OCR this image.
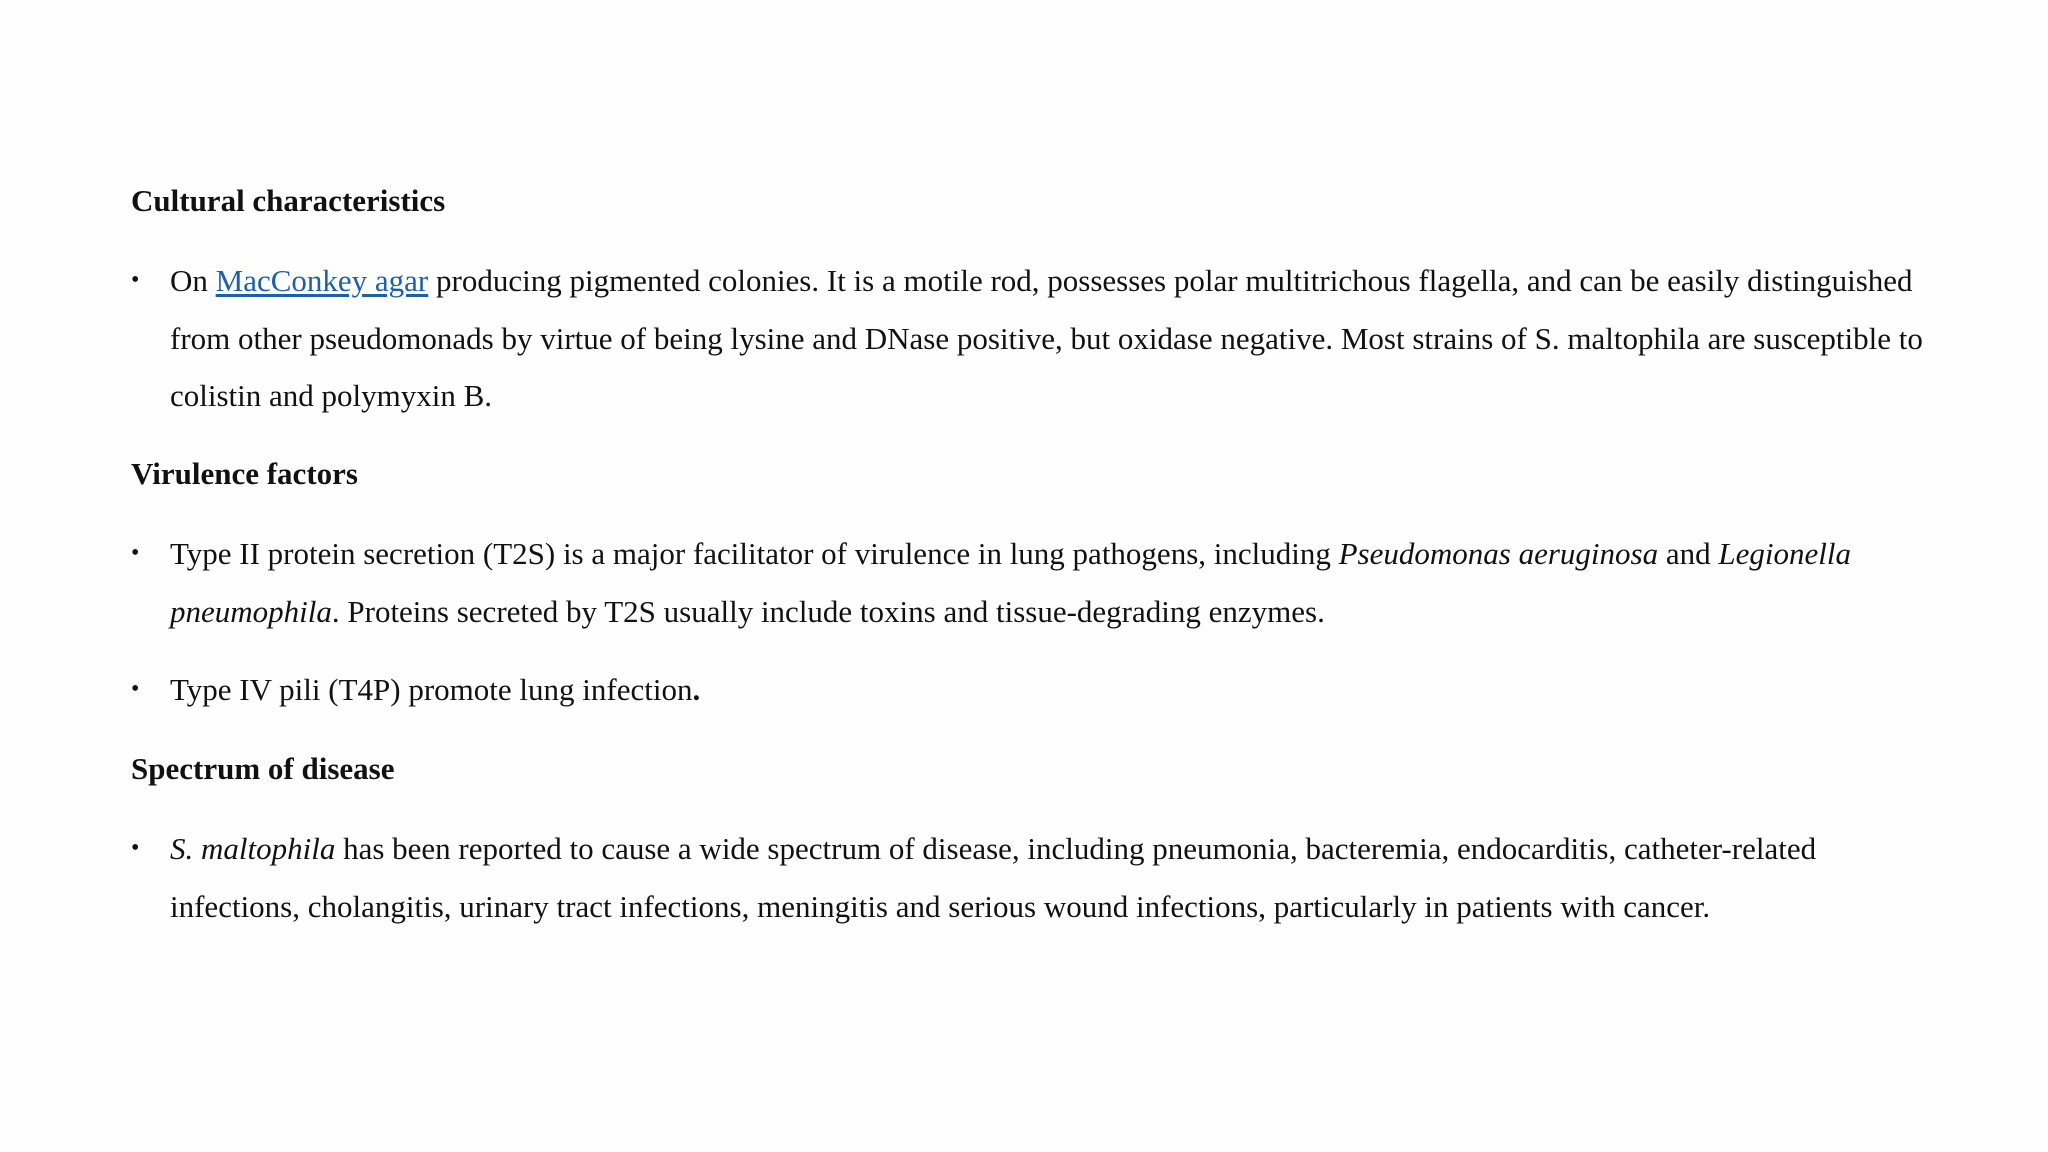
Cultural characteristics
• On MacConkey agar producing pigmented colonies. It is a motile rod, possesses polar multitrichous flagella, and can be easily distinguished from other pseudomonads by virtue of being lysine and DNase positive, but oxidase negative. Most strains of S. maltophila are susceptible to colistin and polymyxin B.
Virulence factors
• Type II protein secretion (T2S) is a major facilitator of virulence in lung pathogens, including Pseudomonas aeruginosa and Legionella pneumophila. Proteins secreted by T2S usually include toxins and tissue-degrading enzymes.
• Type IV pili (T4P) promote lung infection.
Spectrum of disease
• S. maltophila has been reported to cause a wide spectrum of disease, including pneumonia, bacteremia, endocarditis, catheter-related infections, cholangitis, urinary tract infections, meningitis and serious wound infections, particularly in patients with cancer.
